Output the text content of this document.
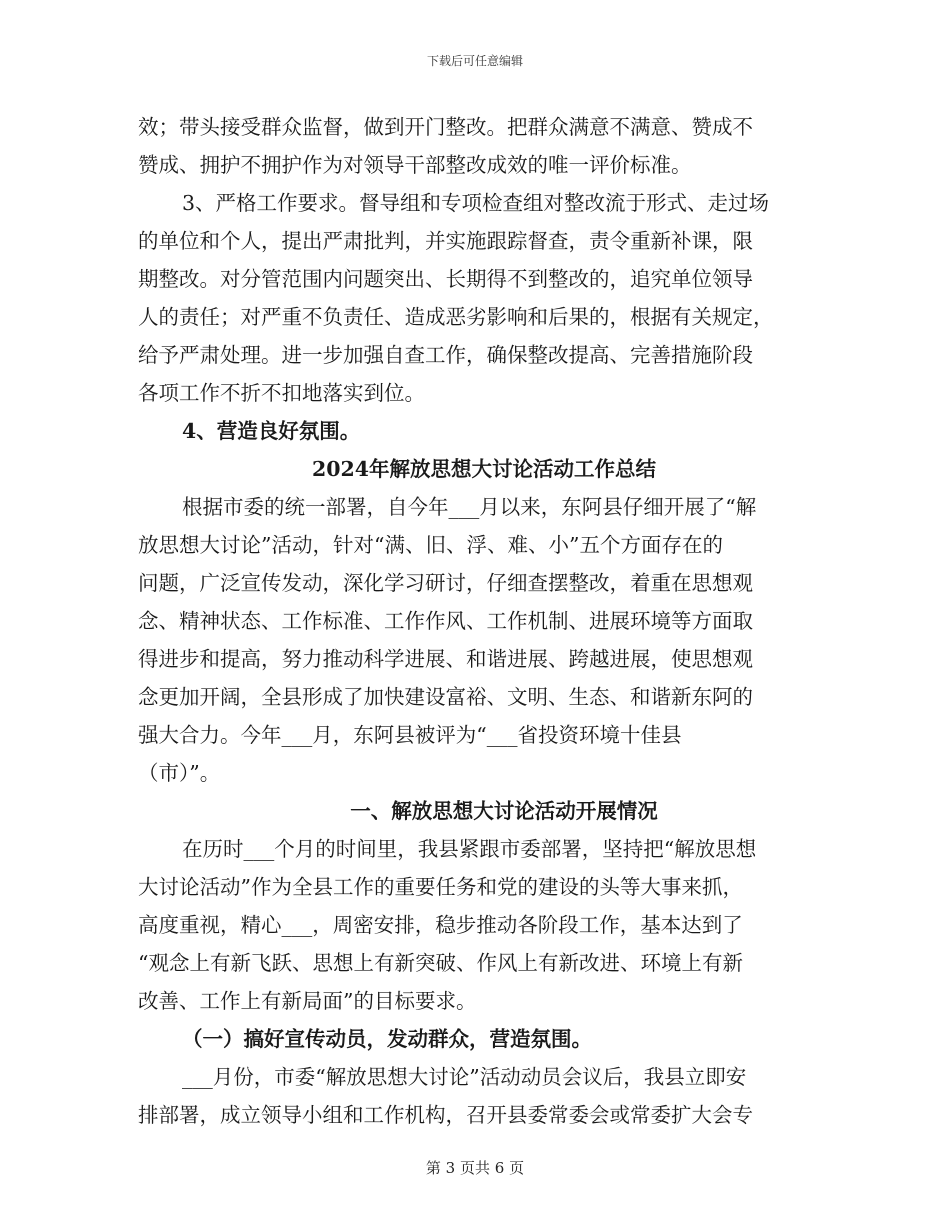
下载后可任意编辑
效；带头接受群众监督，做到开门整改。把群众满意不满意、赞成不
赞成、拥护不拥护作为对领导干部整改成效的唯一评价标准。
3、严格工作要求。督导组和专项检查组对整改流于形式、走过场
的单位和个人，提出严肃批判，并实施跟踪督查，责令重新补课，限
期整改。对分管范围内问题突出、长期得不到整改的，追究单位领导
人的责任；对严重不负责任、造成恶劣影响和后果的，根据有关规定，
给予严肃处理。进一步加强自查工作，确保整改提高、完善措施阶段
各项工作不折不扣地落实到位。
4、营造良好氛围。
2024年解放思想大讨论活动工作总结
根据市委的统一部署，自今年___月以来，东阿县仔细开展了“解
放思想大讨论”活动，针对“满、旧、浮、难、小”五个方面存在的
问题，广泛宣传发动，深化学习研讨，仔细查摆整改，着重在思想观
念、精神状态、工作标准、工作作风、工作机制、进展环境等方面取
得进步和提高，努力推动科学进展、和谐进展、跨越进展，使思想观
念更加开阔，全县形成了加快建设富裕、文明、生态、和谐新东阿的
强大合力。今年___月，东阿县被评为“___省投资环境十佳县
（市）”。
一、解放思想大讨论活动开展情况
在历时___个月的时间里，我县紧跟市委部署，坚持把“解放思想
大讨论活动”作为全县工作的重要任务和党的建设的头等大事来抓，
高度重视，精心___，周密安排，稳步推动各阶段工作，基本达到了
“观念上有新飞跃、思想上有新突破、作风上有新改进、环境上有新
改善、工作上有新局面”的目标要求。
（一）搞好宣传动员，发动群众，营造氛围。
___月份，市委“解放思想大讨论”活动动员会议后，我县立即安
排部署，成立领导小组和工作机构，召开县委常委会或常委扩大会专
第 3 页共 6 页
